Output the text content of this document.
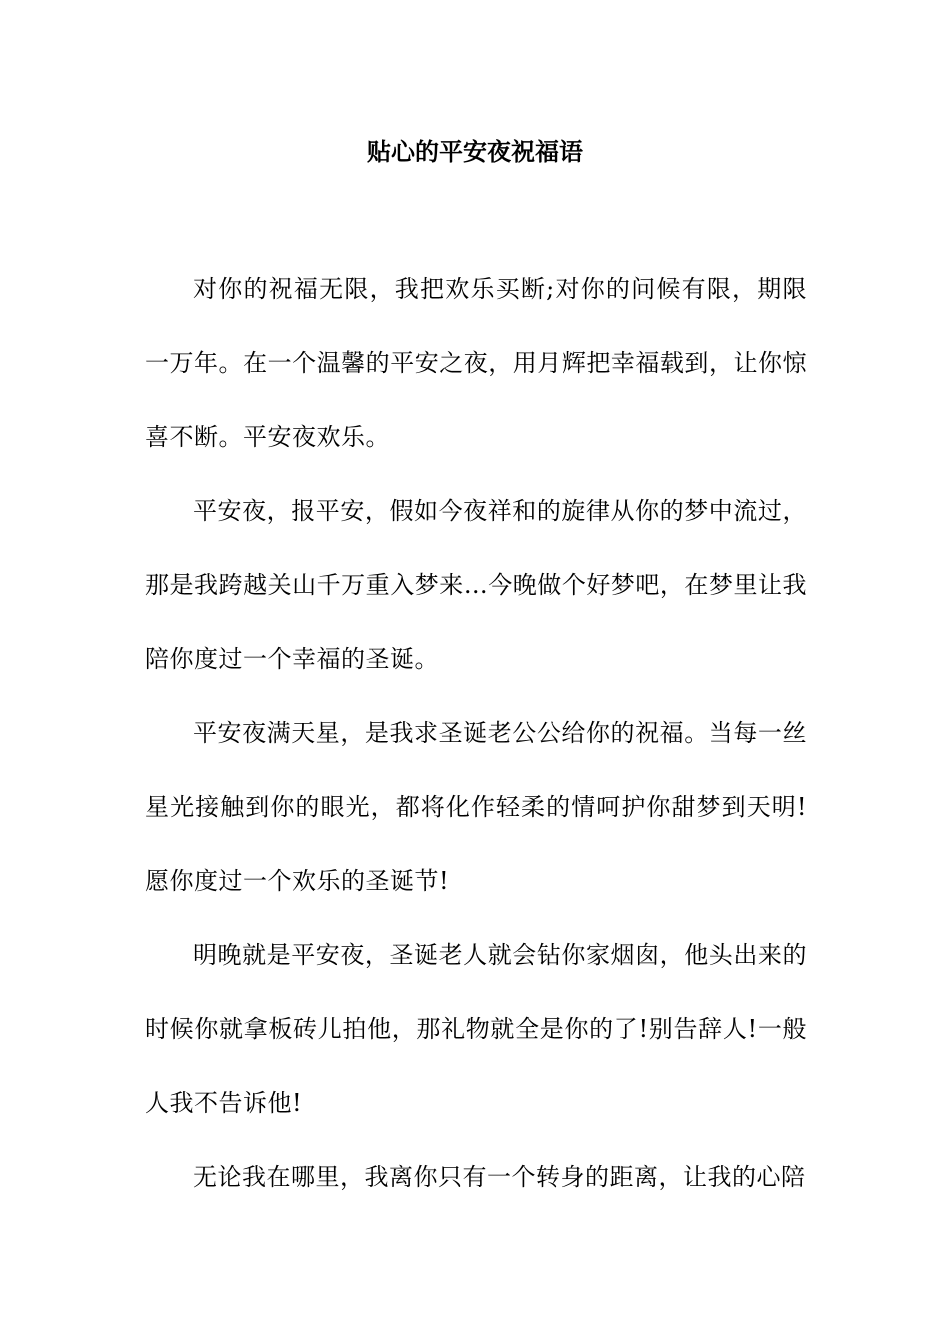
贴心的平安夜祝福语

对你的祝福无限，我把欢乐买断;对你的问候有限，期限一万年。在一个温馨的平安之夜，用月辉把幸福载到，让你惊喜不断。平安夜欢乐。

平安夜，报平安，假如今夜祥和的旋律从你的梦中流过，那是我跨越关山千万重入梦来…今晚做个好梦吧，在梦里让我陪你度过一个幸福的圣诞。

平安夜满天星，是我求圣诞老公公给你的祝福。当每一丝星光接触到你的眼光，都将化作轻柔的情呵护你甜梦到天明!愿你度过一个欢乐的圣诞节!

明晚就是平安夜，圣诞老人就会钻你家烟囱，他头出来的时候你就拿板砖儿拍他，那礼物就全是你的了!别告辞人!一般人我不告诉他!

无论我在哪里，我离你只有一个转身的距离，让我的心陪
